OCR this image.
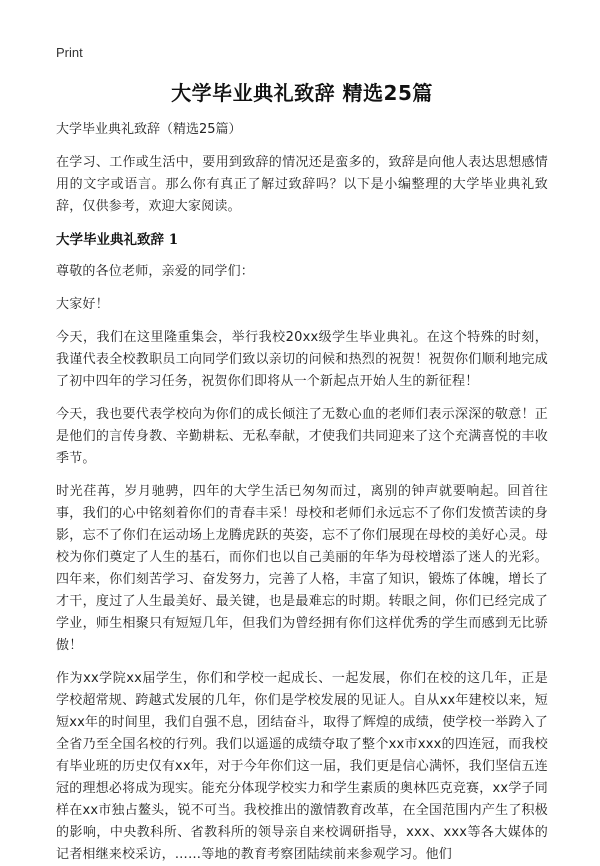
Print
大学毕业典礼致辞 精选25篇
大学毕业典礼致辞（精选25篇）

在学习、工作或生活中，要用到致辞的情况还是蛮多的，致辞是向他人表达思想感情用的文字或语言。那么你有真正了解过致辞吗？以下是小编整理的大学毕业典礼致辞，仅供参考，欢迎大家阅读。

大学毕业典礼致辞 1

尊敬的各位老师，亲爱的同学们：

大家好！

今天，我们在这里隆重集会，举行我校20xx级学生毕业典礼。在这个特殊的时刻，我谨代表全校教职员工向同学们致以亲切的问候和热烈的祝贺！祝贺你们顺利地完成了初中四年的学习任务，祝贺你们即将从一个新起点开始人生的新征程！

今天，我也要代表学校向为你们的成长倾注了无数心血的老师们表示深深的敬意！正是他们的言传身教、辛勤耕耘、无私奉献，才使我们共同迎来了这个充满喜悦的丰收季节。

时光荏苒，岁月驰骋，四年的大学生活已匆匆而过，离别的钟声就要响起。回首往事，我们的心中铭刻着你们的青春丰采！母校和老师们永远忘不了你们发愤苦读的身影，忘不了你们在运动场上龙腾虎跃的英姿，忘不了你们展现在母校的美好心灵。母校为你们奠定了人生的基石，而你们也以自己美丽的年华为母校增添了迷人的光彩。四年来，你们刻苦学习、奋发努力，完善了人格，丰富了知识，锻炼了体魄，增长了才干，度过了人生最美好、最关键，也是最难忘的时期。转眼之间，你们已经完成了学业，师生相聚只有短短几年，但我们为曾经拥有你们这样优秀的学生而感到无比骄傲！

作为xx学院xx届学生，你们和学校一起成长、一起发展，你们在校的这几年，正是学校超常规、跨越式发展的几年，你们是学校发展的见证人。自从xx年建校以来，短短xx年的时间里，我们自强不息，团结奋斗，取得了辉煌的成绩，使学校一举跨入了全省乃至全国名校的行列。我们以遥遥的成绩夺取了整个xx市xxx的四连冠，而我校有毕业班的历史仅有xx年，对于今年你们这一届，我们更是信心满怀，我们坚信五连冠的理想必将成为现实。能充分体现学校实力和学生素质的奥林匹克竞赛，xx学子同样在xx市独占鳌头，锐不可当。我校推出的激情教育改革，在全国范围内产生了积极的影响，中央教科所、省教科所的领导亲自来校调研指导，xxx、xxx等各大媒体的记者相继来校采访，……等地的教育考察团陆续前来参观学习。他们
